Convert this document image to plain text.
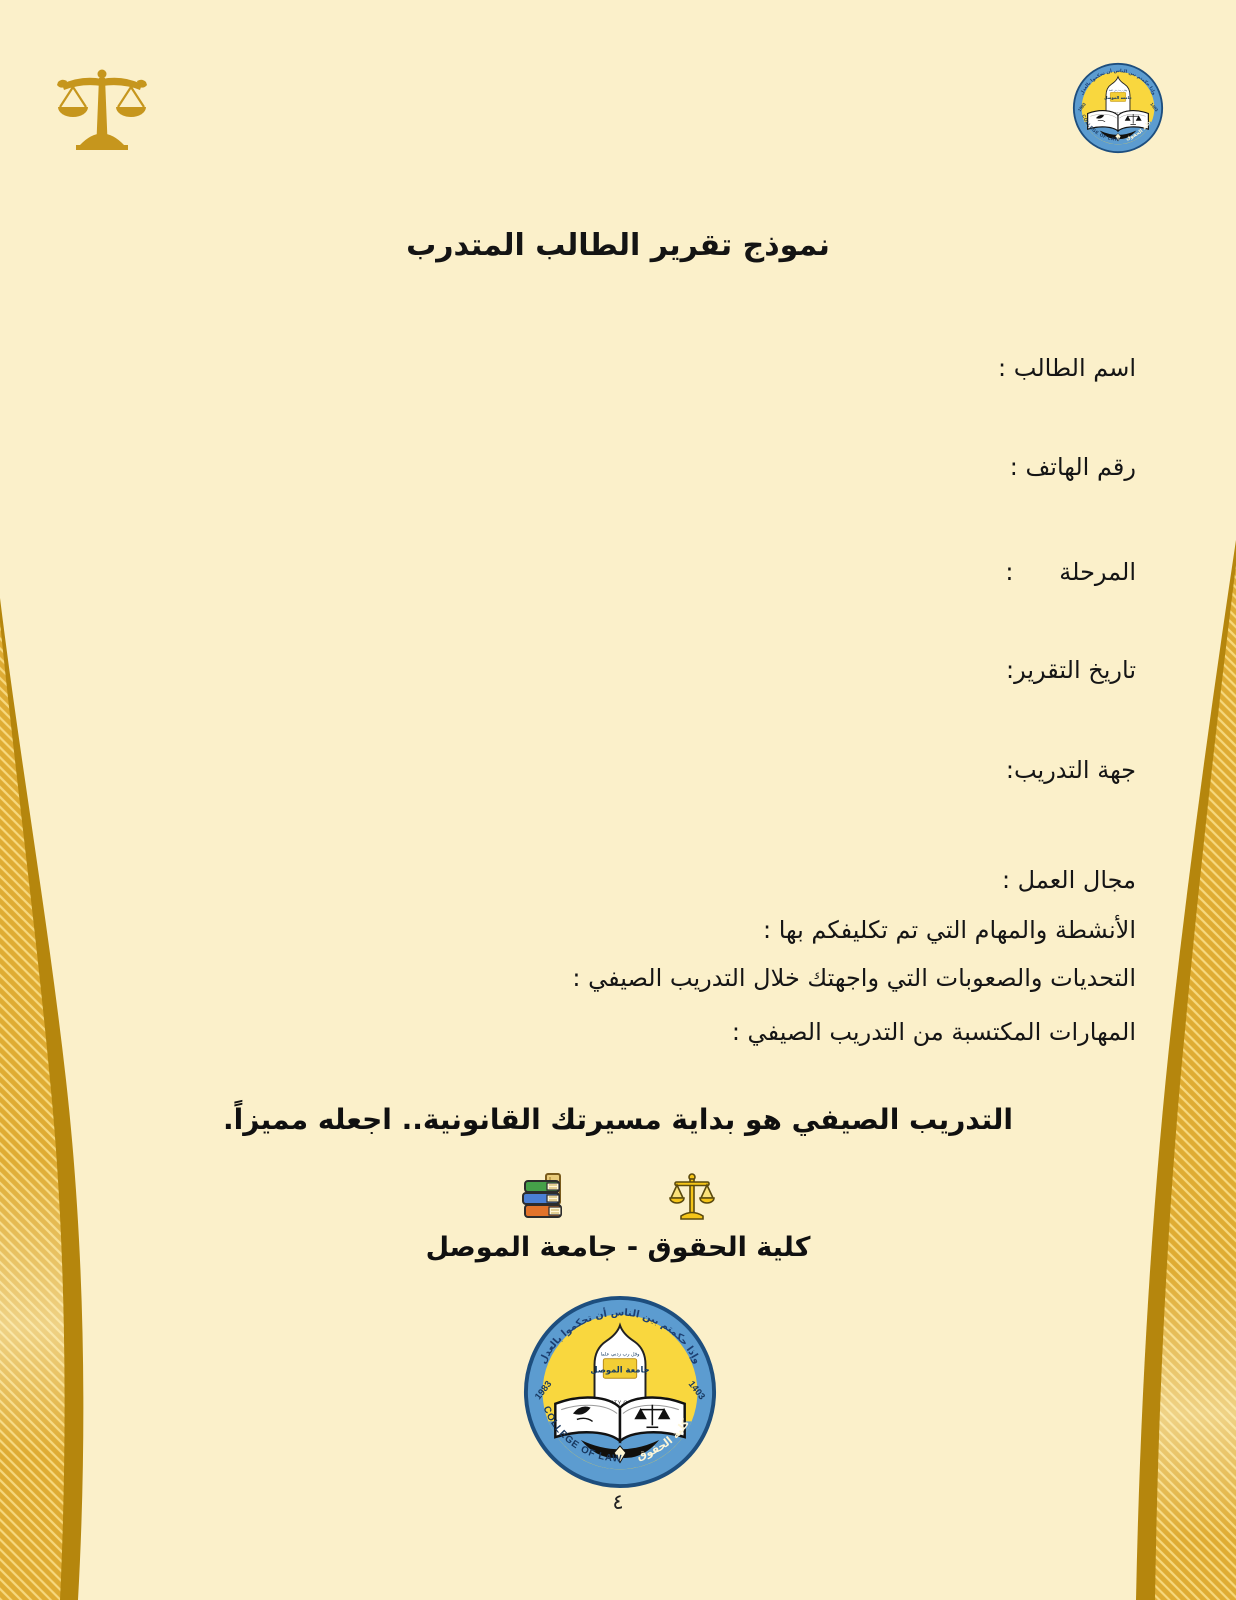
نموذج تقرير الطالب المتدرب
اسم الطالب :
رقم الهاتف :
المرحلة      :
تاريخ التقرير:
جهة التدريب:
مجال العمل :
الأنشطة والمهام التي تم تكليفكم بها :
التحديات والصعوبات التي واجهتك خلال التدريب الصيفي :
المهارات المكتسبة من التدريب الصيفي :
التدريب الصيفي هو بداية مسيرتك القانونية.. اجعله مميزاً.
كلية الحقوق - جامعة الموصل
٤
